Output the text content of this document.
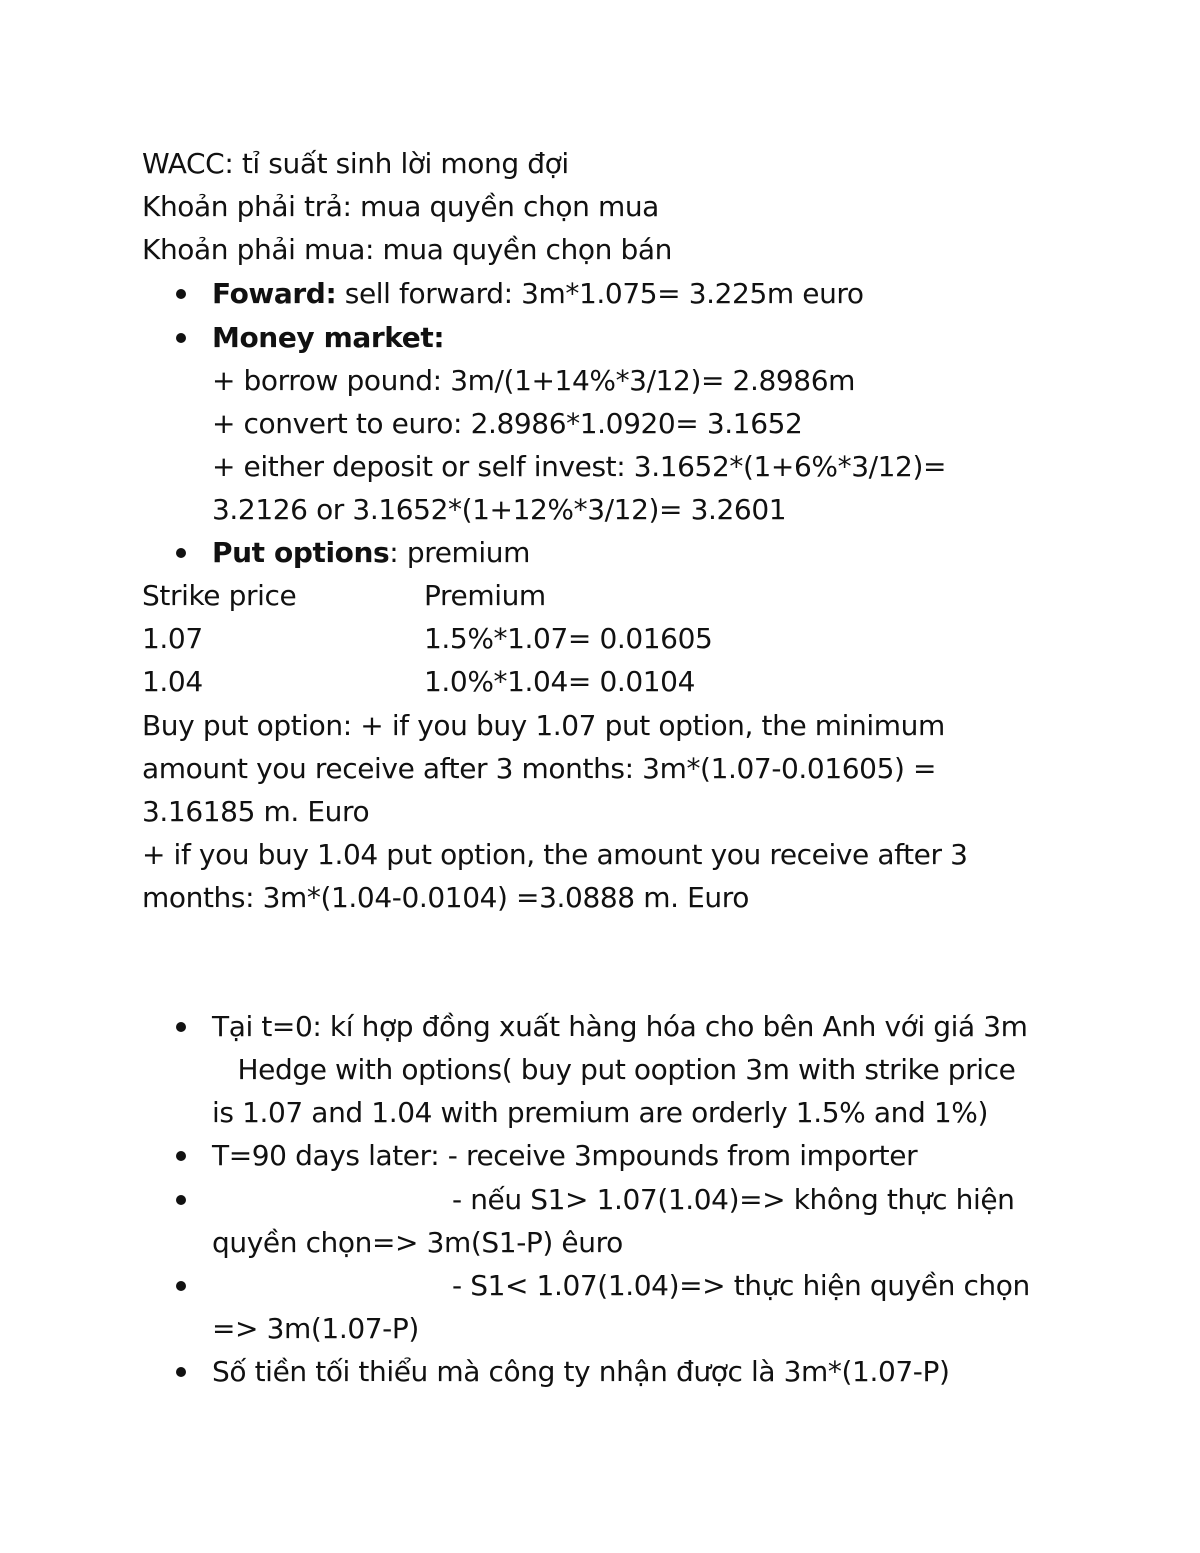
WACC: tỉ suất sinh lời mong đợi
Khoản phải trả: mua quyền chọn mua
Khoản phải mua: mua quyền chọn bán
Foward: sell forward: 3m*1.075= 3.225m euro
Money market:
+ borrow pound: 3m/(1+14%*3/12)= 2.8986m
+ convert to euro: 2.8986*1.0920= 3.1652
+ either deposit or self invest: 3.1652*(1+6%*3/12)=
3.2126 or 3.1652*(1+12%*3/12)= 3.2601
Put options: premium
Strike price	Premium
1.07	1.5%*1.07= 0.01605
1.04	1.0%*1.04= 0.0104
Buy put option: + if you buy 1.07 put option, the minimum
amount you receive after 3 months: 3m*(1.07-0.01605) =
3.16185 m. Euro
+ if you buy 1.04 put option, the amount you receive after 3
months: 3m*(1.04-0.0104) =3.0888 m. Euro
Tại t=0: kí hợp đồng xuất hàng hóa cho bên Anh với giá 3m
Hedge with options( buy put ooption 3m with strike price
is 1.07 and 1.04 with premium are orderly 1.5% and 1%)
T=90 days later: - receive 3mpounds from importer
- nếu S1> 1.07(1.04)=> không thực hiện
quyền chọn=> 3m(S1-P) êuro
- S1< 1.07(1.04)=> thực hiện quyền chọn
=> 3m(1.07-P)
Số tiền tối thiểu mà công ty nhận được là 3m*(1.07-P)
